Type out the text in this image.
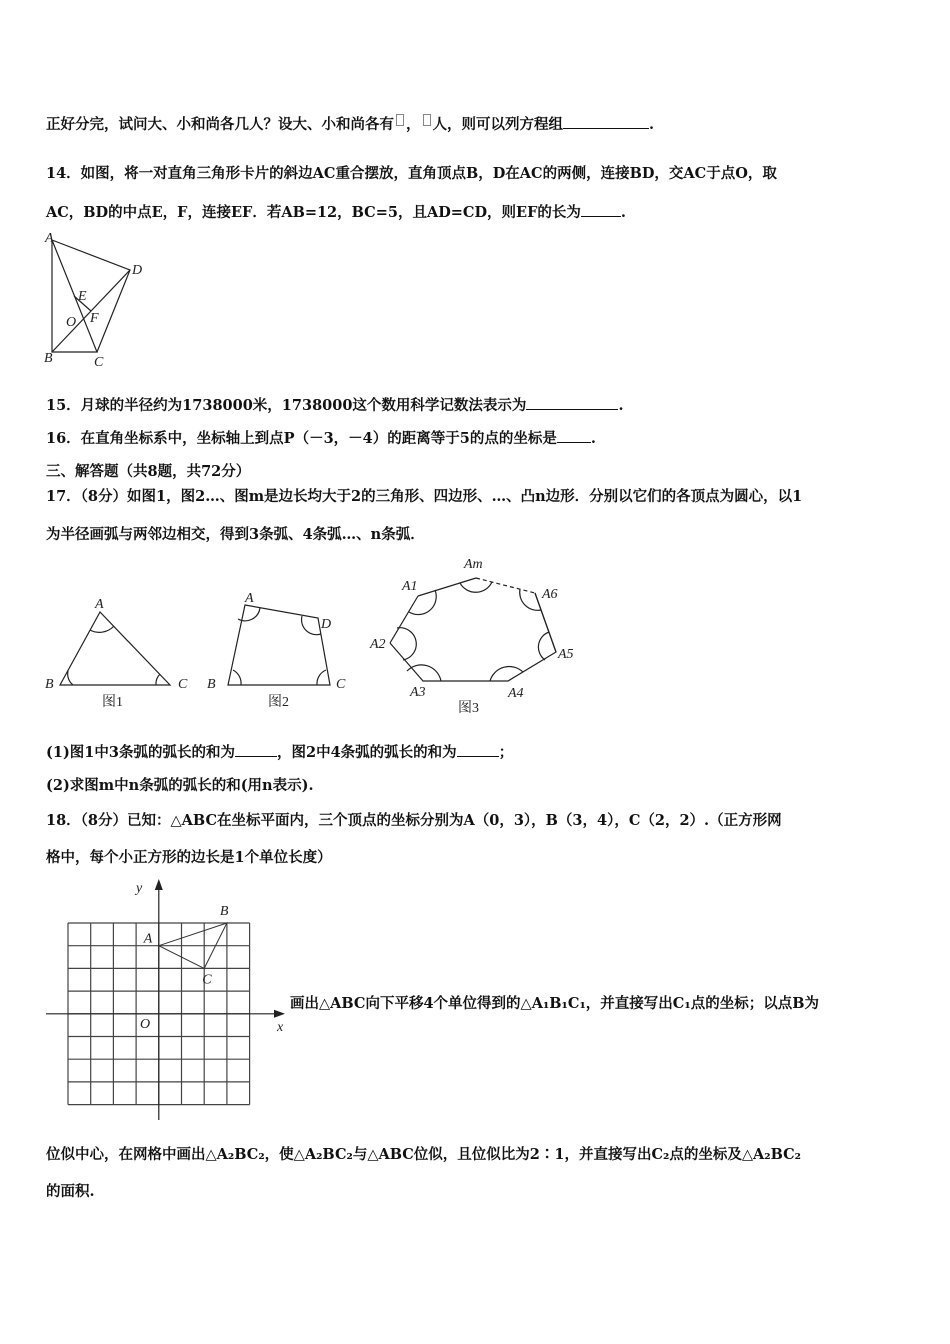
正好分完，试问大、小和尚各几人？设大、小和尚各有 ， 人，则可以列方程组	.
14．如图，将一对直角三角形卡片的斜边AC重合摆放，直角顶点B，D在AC的两侧，连接BD，交AC于点O，取
AC，BD的中点E，F，连接EF．若AB=12，BC=5，且AD=CD，则EF的长为	.
A
D
E
O F
B	C
15．月球的半径约为1738000米，1738000这个数用科学记数法表示为	.
16．在直角坐标系中，坐标轴上到点P（－3，－4）的距离等于5的点的坐标是 .
三、解答题（共8题，共72分）
17．（8分）如图1，图2…、图m是边长均大于2的三角形、四边形、…、凸n边形．分别以它们的各顶点为圆心，以1
为半径画弧与两邻边相交，得到3条弧、4条弧…、n条弧．
A
B	C
图1
A
D
B	C
图2
A1
Am
A6
A5
A4
A3
A2
图3
(1)图1中3条弧的弧长的和为	，图2中4条弧的弧长的和为	；
(2)求图m中n条弧的弧长的和(用n表示).
18．（8分）已知：△ABC在坐标平面内，三个顶点的坐标分别为A（0，3），B（3，4），C（2，2）.（正方形网
格中，每个小正方形的边长是1个单位长度）
y
x
O
A
B
C
画出△ABC向下平移4个单位得到的△A₁B₁C₁，并直接写出C₁点的坐标；以点B为
位似中心，在网格中画出△A₂BC₂，使△A₂BC₂与△ABC位似，且位似比为2∶1，并直接写出C₂点的坐标及△A₂BC₂
的面积.
